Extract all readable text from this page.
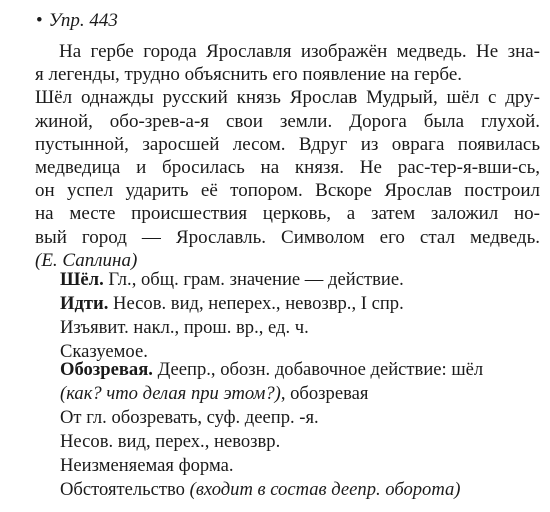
• Упр. 443
На гербе города Ярославля изображён медведь. Не зна-
я легенды, трудно объяснить его появление на гербе.
Шёл однажды русский князь Ярослав Мудрый, шёл с дру-
жиной, обо-зрев-а-я свои земли. Дорога была глухой.
пустынной, заросшей лесом. Вдруг из оврага появилась
медведица и бросилась на князя. Не рас-тер-я-вши-сь,
он успел ударить её топором. Вскоре Ярослав построил
на месте происшествия церковь, а затем заложил но-
вый город — Ярославль. Символом его стал медведь.
(Е. Саплина)
Шёл. Гл., общ. грам. значение — действие.
Идти. Несов. вид, неперех., невозвр., I спр.
Изъявит. накл., прош. вр., ед. ч.
Сказуемое.
Обозревая. Деепр., обозн. добавочное действие: шёл
(как? что делая при этом?), обозревая
От гл. обозревать, суф. деепр. -я.
Несов. вид, перех., невозвр.
Неизменяемая форма.
Обстоятельство (входит в состав деепр. оборота)
